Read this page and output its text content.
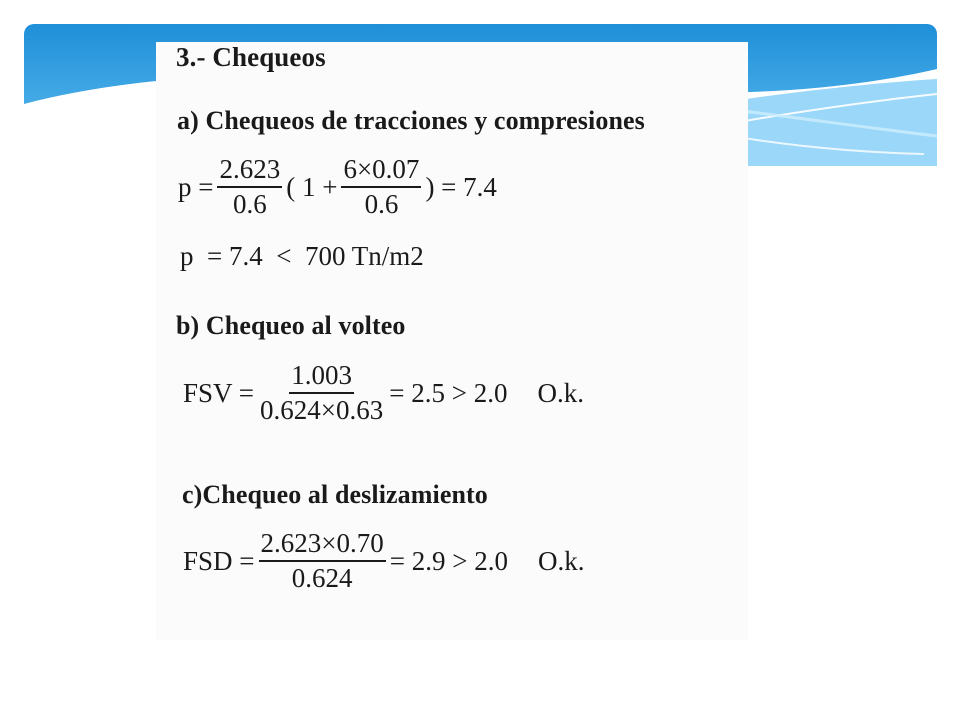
3.- Chequeos
a) Chequeos de tracciones y compresiones
$p = \frac{2.623}{0.6}$ ( $1 + \frac{6\times 0.07}{0.6}$ ) = 7.4
p  = 7.4  <  700 Tn/m2
b) Chequeo al volteo
FSV = $\frac{1.003}{0.624\times 0.63} = 2.5 > 2.0$ O.k.
c)Chequeo al deslizamiento
FSD = $\frac{2.623\times 0.70}{0.624} = 2.9 > 2.0$ O.k.
